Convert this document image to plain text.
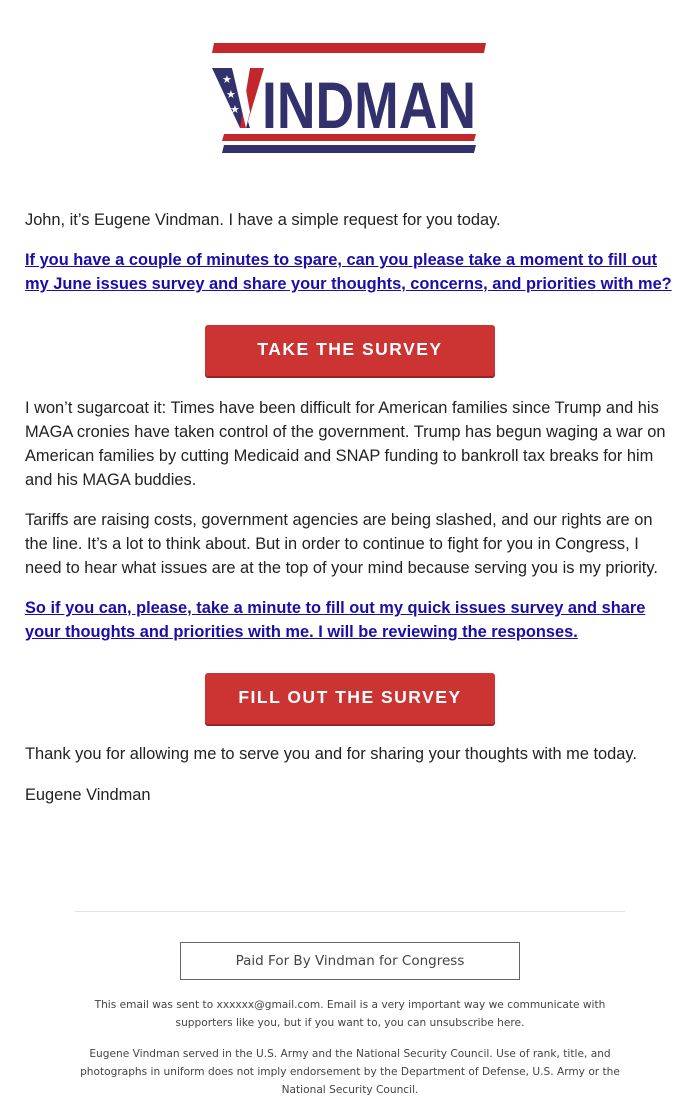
★
★
★ INDMAN

John, it’s Eugene Vindman. I have a simple request for you today.

If you have a couple of minutes to spare, can you please take a moment to fill out my June issues survey and share your thoughts, concerns, and priorities with me?
TAKE THE SURVEY

I won’t sugarcoat it: Times have been difficult for American families since Trump and his MAGA cronies have taken control of the government. Trump has begun waging a war on American families by cutting Medicaid and SNAP funding to bankroll tax breaks for him and his MAGA buddies.

Tariffs are raising costs, government agencies are being slashed, and our rights are on the line. It’s a lot to think about. But in order to continue to fight for you in Congress, I need to hear what issues are at the top of your mind because serving you is my priority.

So if you can, please, take a minute to fill out my quick issues survey and share your thoughts and priorities with me. I will be reviewing the responses.
FILL OUT THE SURVEY

Thank you for allowing me to serve you and for sharing your thoughts with me today.

Eugene Vindman

Paid For By Vindman for Congress
This email was sent to xxxxxx@gmail.com. Email is a very important way we communicate with supporters like you, but if you want to, you can unsubscribe here.
Eugene Vindman served in the U.S. Army and the National Security Council. Use of rank, title, and photographs in uniform does not imply endorsement by the Department of Defense, U.S. Army or the National Security Council.
